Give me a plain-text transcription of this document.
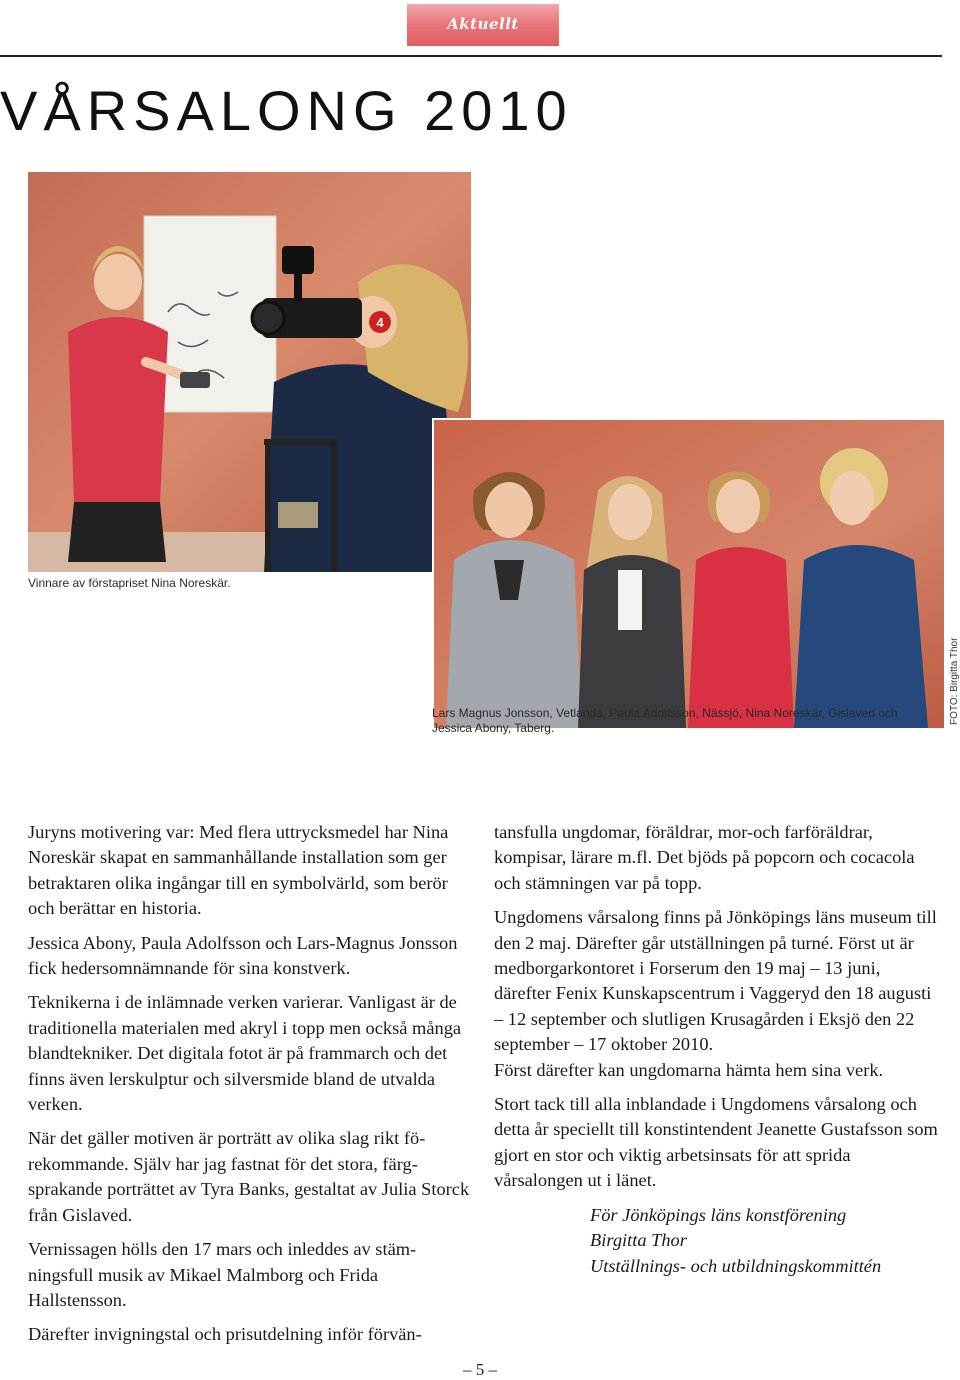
Aktuellt
VÅRSALONG 2010
4
Vinnare av förstapriset Nina Noreskär.
Lars Magnus Jonsson, Vetlanda, Paula Adolfsson, Nässjö, Nina Noreskär, Gislaved och Jessica Abony, Taberg.
FOTO: Birgitta Thor

Juryns motivering var: Med flera uttrycksmedel har Nina Noreskär skapat en sammanhållande installation som ger betraktaren olika ingångar till en symbolvärld, som berör och berättar en historia.

Jessica Abony, Paula Adolfsson och Lars-Magnus Jonsson fick hedersomnämnande för sina konstverk.

Teknikerna i de inlämnade verken varierar. Vanligast är de traditionella materialen med akryl i topp men också många blandtekniker. Det digitala fotot är på frammarch och det finns även lerskulptur och silversmide bland de utvalda verken.

När det gäller motiven är porträtt av olika slag rikt förekommande. Själv har jag fastnat för det stora, färgsprakande porträttet av Tyra Banks, gestaltat av Julia Storck från Gislaved.

Vernissagen hölls den 17 mars och inleddes av stämningsfull musik av Mikael Malmborg och Frida Hallstensson.

Därefter invigningstal och prisutdelning inför förvän-

tansfulla ungdomar, föräldrar, mor-och farföräldrar, kompisar, lärare m.fl. Det bjöds på popcorn och cocacola och stämningen var på topp.

Ungdomens vårsalong finns på Jönköpings läns museum till den 2 maj. Därefter går utställningen på turné. Först ut är medborgarkontoret i Forserum den 19 maj – 13 juni, därefter Fenix Kunskapscentrum i Vaggeryd den 18 augusti – 12 september och slutligen Krusagården i Eksjö den 22 september – 17 oktober 2010.

Först därefter kan ungdomarna hämta hem sina verk.

Stort tack till alla inblandade i Ungdomens vårsalong och detta år speciellt till konstintendent Jeanette Gustafsson som gjort en stor och viktig arbetsinsats för att sprida vårsalongen ut i länet.

För Jönköpings läns konstförening
Birgitta Thor
Utställnings- och utbildningskommittén
– 5 –
